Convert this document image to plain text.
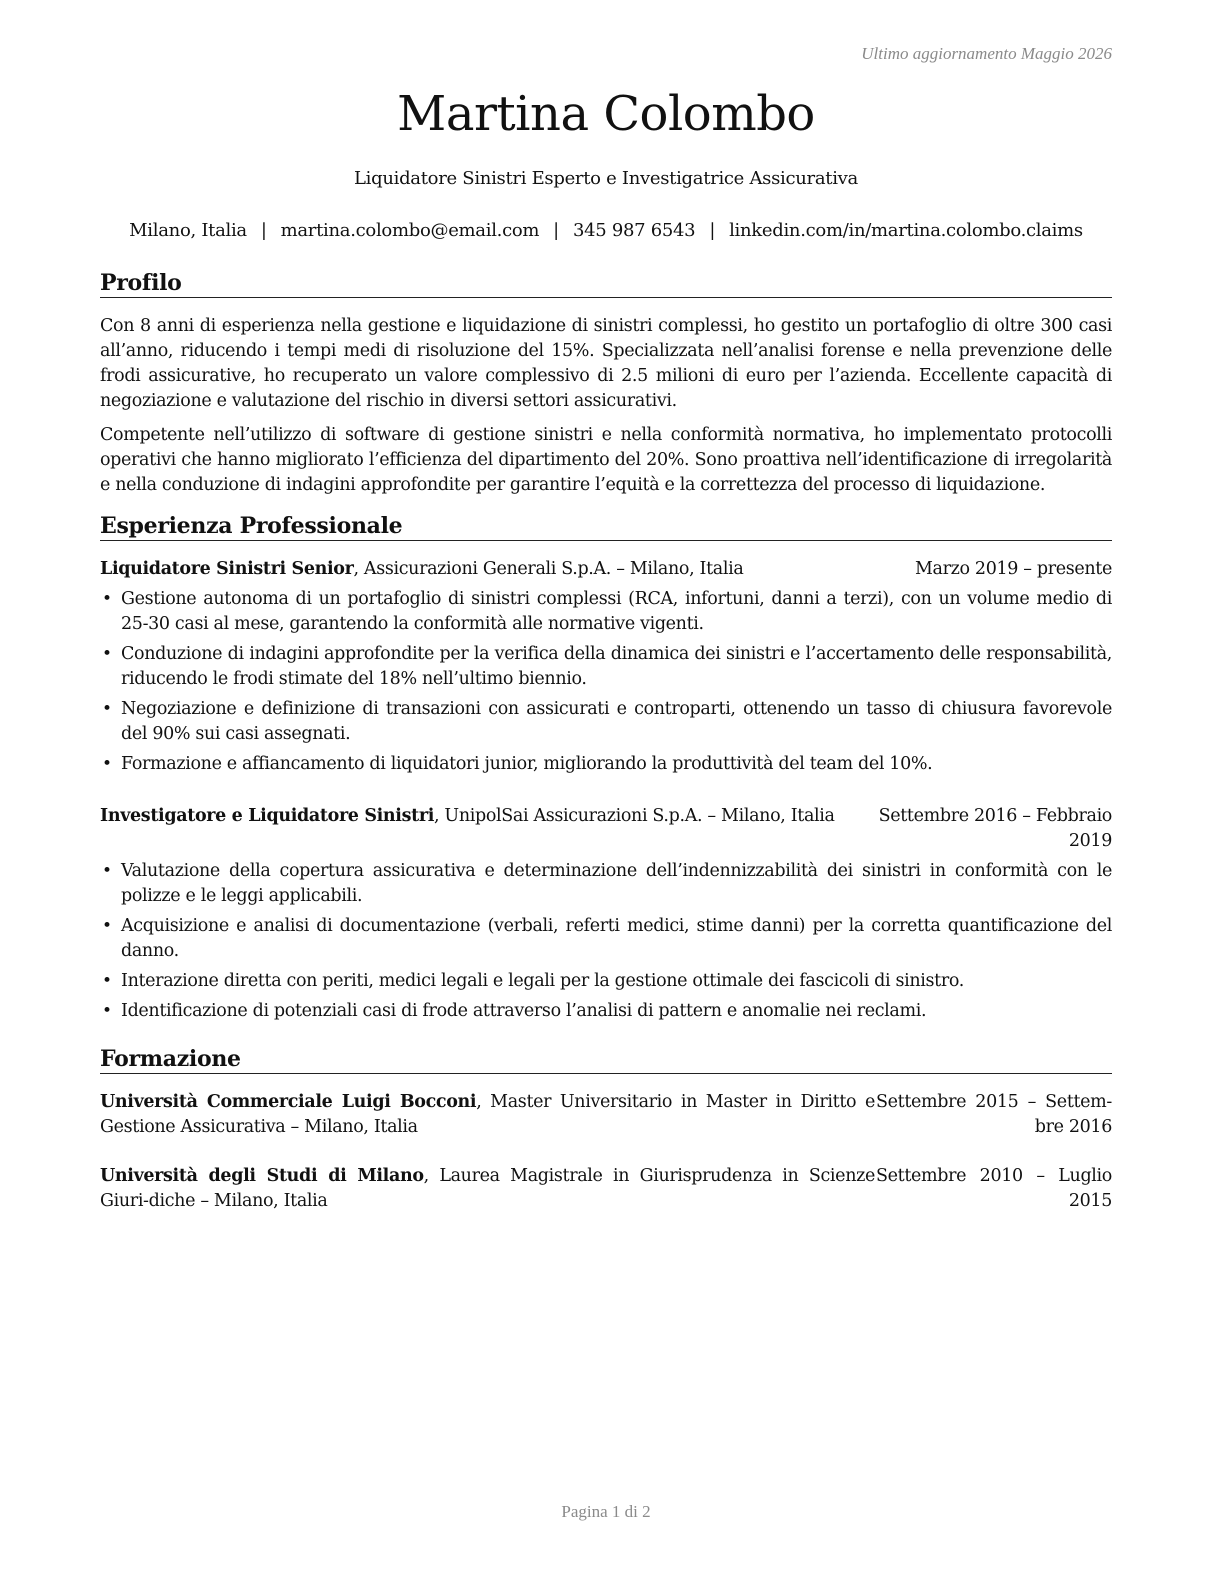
Ultimo aggiornamento Maggio 2026
Martina Colombo
Liquidatore Sinistri Esperto e Investigatrice Assicurativa
Milano, Italia | martina.colombo@email.com | 345 987 6543 | linkedin.com/in/martina.colombo.claims
Profilo

Con 8 anni di esperienza nella gestione e liquidazione di sinistri complessi, ho gestito un portafoglio di oltre 300 casi all’anno, riducendo i tempi medi di risoluzione del 15%. Specializzata nell’analisi forense e nella prevenzione delle frodi assicurative, ho recuperato un valore complessivo di 2.5 milioni di euro per l’azienda. Eccellente capacità di negoziazione e valutazione del rischio in diversi settori assicurativi.

Competente nell’utilizzo di software di gestione sinistri e nella conformità normativa, ho implementato protocolli operativi che hanno migliorato l’efficienza del dipartimento del 20%. Sono proattiva nell’identificazione di irregolarità e nella conduzione di indagini approfondite per garantire l’equità e la correttezza del processo di liquidazione.

Esperienza Professionale
Liquidatore Sinistri Senior, Assicurazioni Generali S.p.A. – Milano, Italia	Marzo 2019 – presente
• Gestione autonoma di un portafoglio di sinistri complessi (RCA, infortuni, danni a terzi), con un volume medio di 25-30 casi al mese, garantendo la conformità alle normative vigenti.
• Conduzione di indagini approfondite per la verifica della dinamica dei sinistri e l’accertamento delle responsabilità, riducendo le frodi stimate del 18% nell’ultimo biennio.
• Negoziazione e definizione di transazioni con assicurati e controparti, ottenendo un tasso di chiusura favorevole del 90% sui casi assegnati.
• Formazione e affiancamento di liquidatori junior, migliorando la produttività del team del 10%.
Investigatore e Liquidatore Sinistri, UnipolSai Assicurazioni S.p.A. – Milano, Italia	Settembre 2016 – Febbraio
2019
• Valutazione della copertura assicurativa e determinazione dell’indennizzabilità dei sinistri in conformità con le polizze e le leggi applicabili.
• Acquisizione e analisi di documentazione (verbali, referti medici, stime danni) per la corretta quantificazione del danno.
• Interazione diretta con periti, medici legali e legali per la gestione ottimale dei fascicoli di sinistro.
• Identificazione di potenziali casi di frode attraverso l’analisi di pattern e anomalie nei reclami.
Formazione
Università Commerciale Luigi Bocconi, Master Universitario in Master in Diritto e Gestione Assicurativa – Milano, Italia
Settembre 2015 – Settem-bre 2016
Università degli Studi di Milano, Laurea Magistrale in Giurisprudenza in Scienze Giuri-diche – Milano, Italia
Settembre 2010 – Luglio 2015
Pagina 1 di 2
